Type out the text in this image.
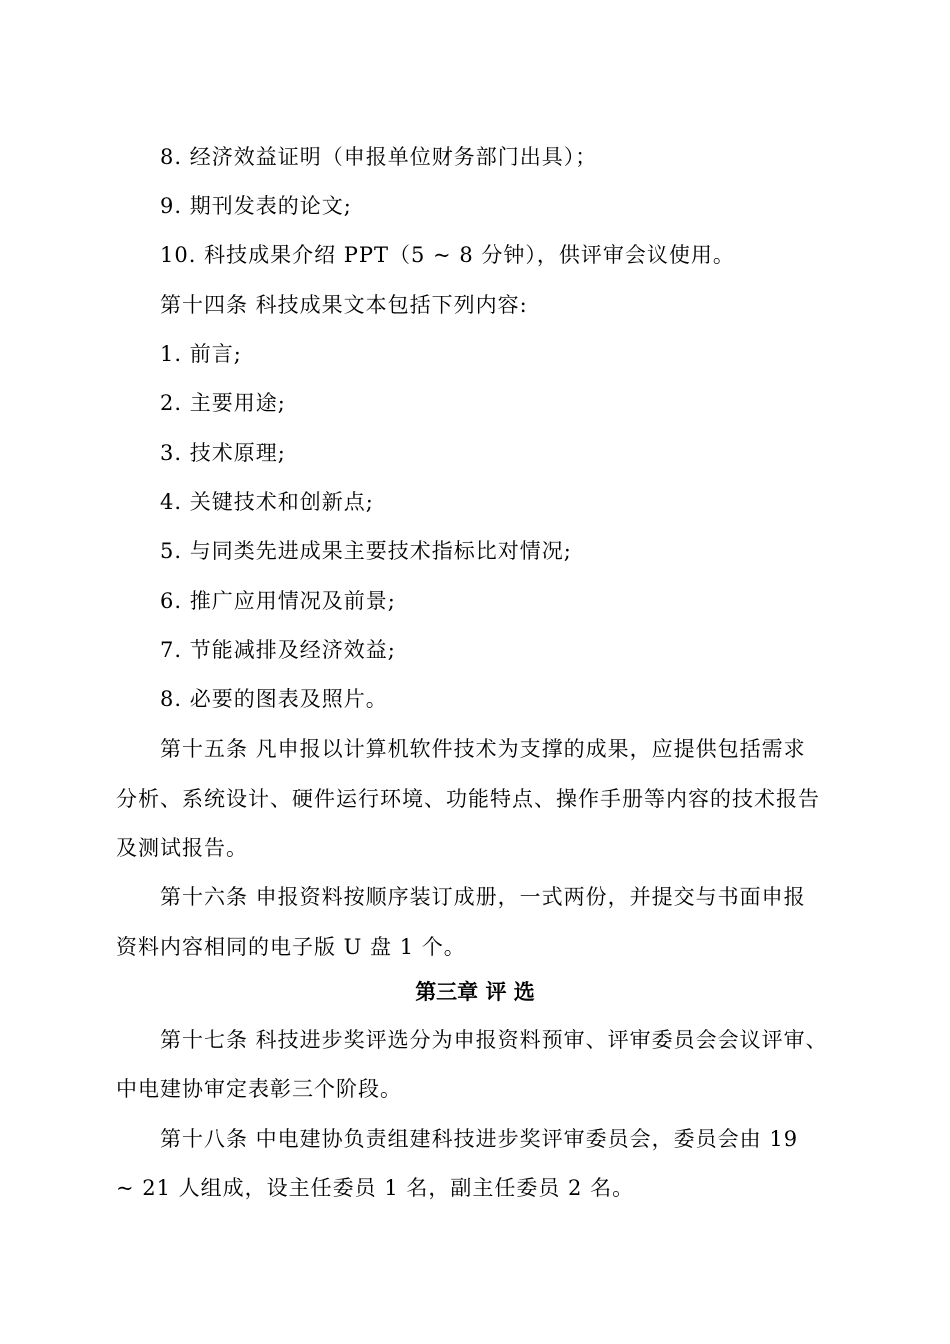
8. 经济效益证明（申报单位财务部门出具）；
9. 期刊发表的论文;
10. 科技成果介绍 PPT（5 ~ 8 分钟），供评审会议使用。
第十四条 科技成果文本包括下列内容:
1. 前言;
2. 主要用途;
3. 技术原理;
4. 关键技术和创新点;
5. 与同类先进成果主要技术指标比对情况;
6. 推广应用情况及前景;
7. 节能减排及经济效益;
8. 必要的图表及照片。
第十五条 凡申报以计算机软件技术为支撑的成果，应提供包括需求
分析、系统设计、硬件运行环境、功能特点、操作手册等内容的技术报告
及测试报告。
第十六条 申报资料按顺序装订成册，一式两份，并提交与书面申报
资料内容相同的电子版 U 盘 1 个。
第三章 评 选
第十七条 科技进步奖评选分为申报资料预审、评审委员会会议评审、
中电建协审定表彰三个阶段。
第十八条 中电建协负责组建科技进步奖评审委员会，委员会由 19
~ 21 人组成，设主任委员 1 名，副主任委员 2 名。
